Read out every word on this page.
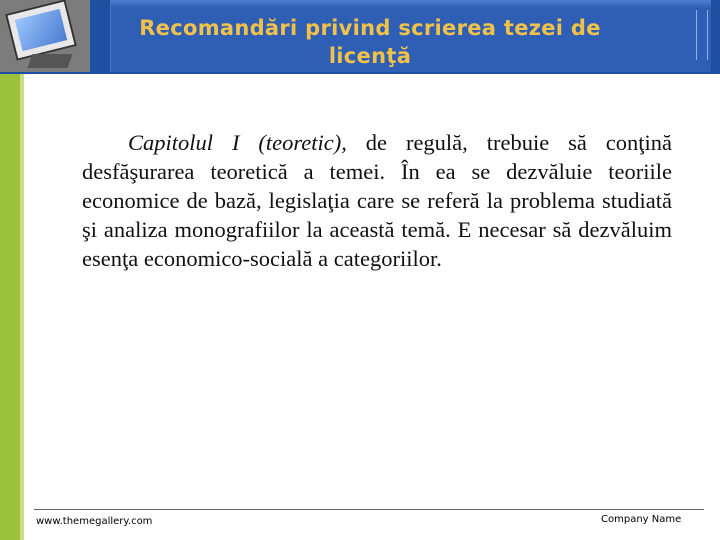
Recomandări privind scrierea tezei de
licenţă
Capitolul I (teoretic), de regulă, trebuie să conţină desfăşurarea teoretică a temei. În ea se dezvăluie teoriile economice de bază, legislaţia care se referă la problema studiată şi analiza monografiilor la această temă. E necesar să dezvăluim esenţa economico-socială a categoriilor.
www.themegallery.com	Company Name
